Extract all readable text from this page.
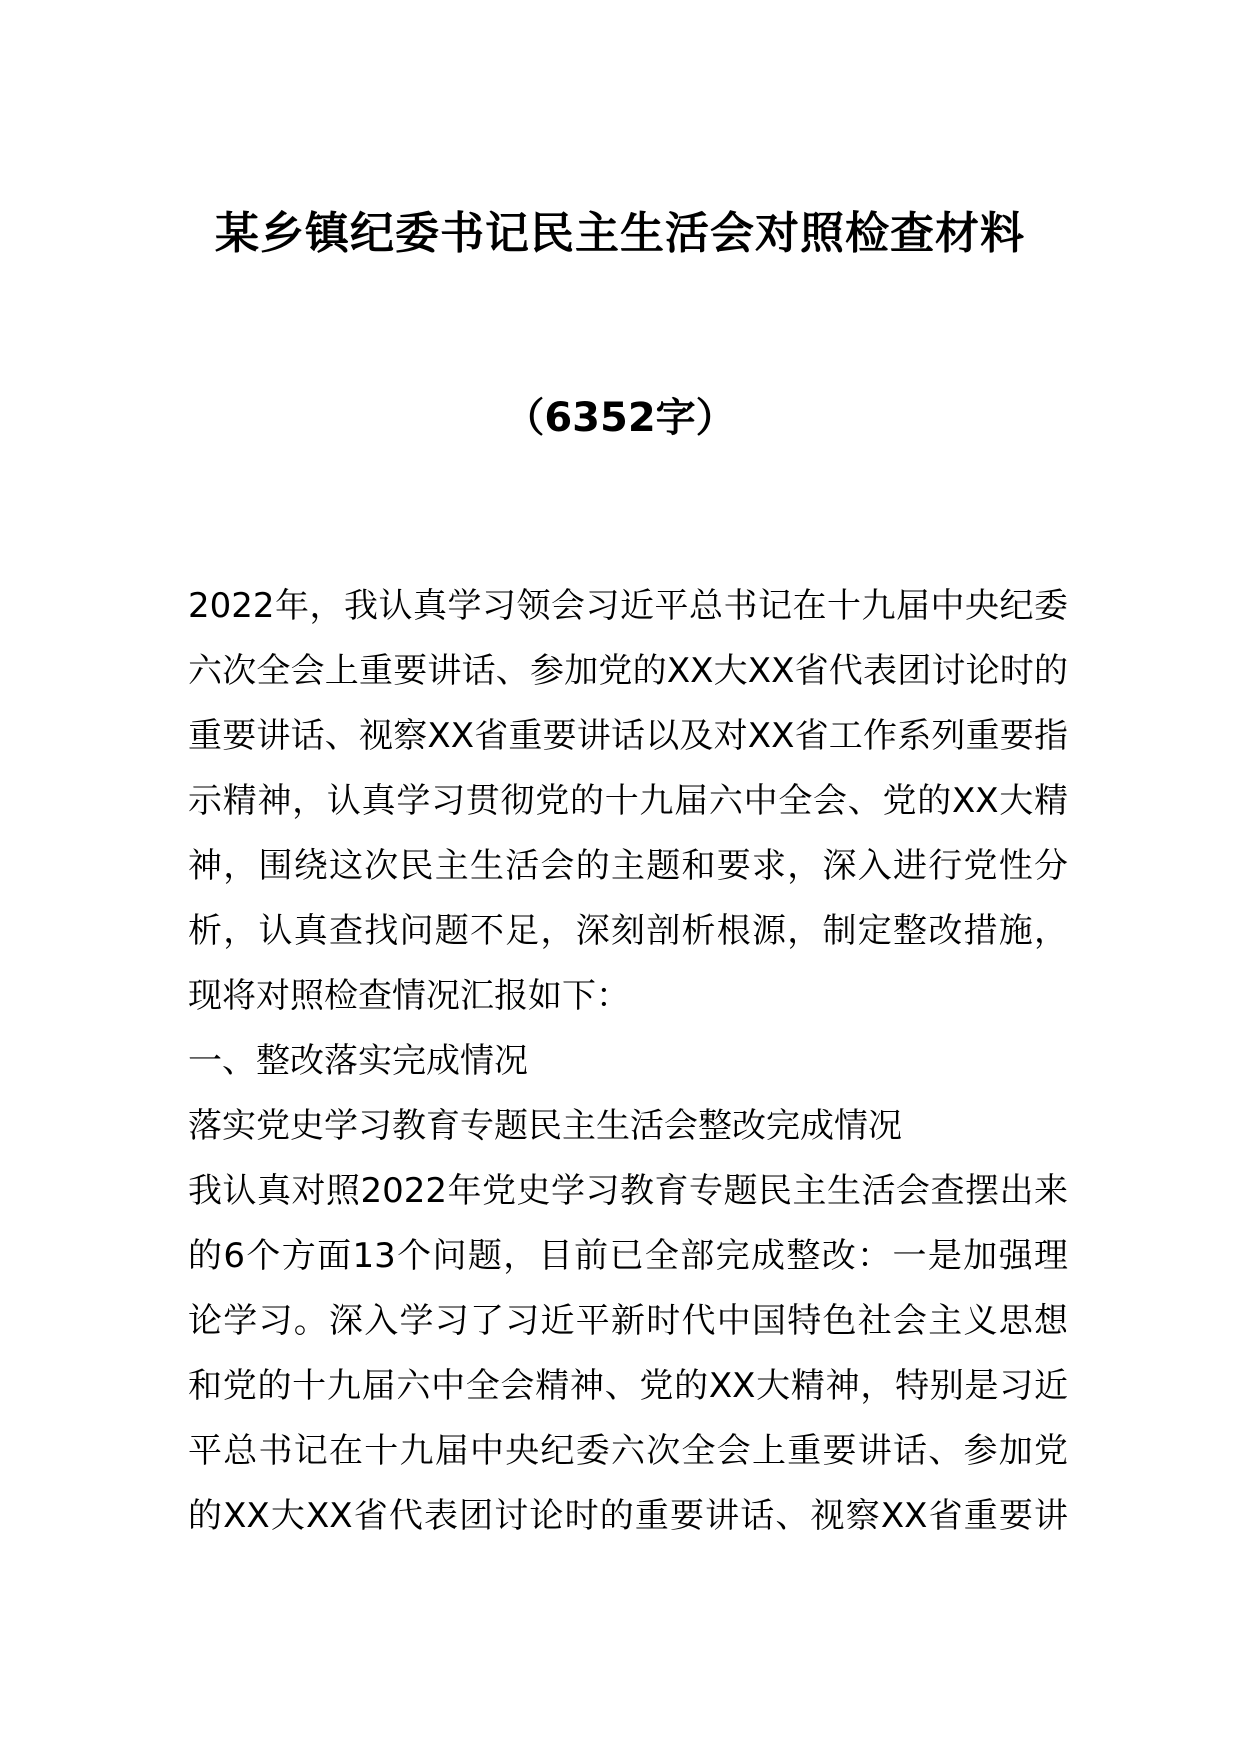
某乡镇纪委书记民主生活会对照检查材料
（6352字）
2022年，我认真学习领会习近平总书记在十九届中央纪委
六次全会上重要讲话、参加党的XX大XX省代表团讨论时的
重要讲话、视察XX省重要讲话以及对XX省工作系列重要指
示精神，认真学习贯彻党的十九届六中全会、党的XX大精
神，围绕这次民主生活会的主题和要求，深入进行党性分
析，认真查找问题不足，深刻剖析根源，制定整改措施，
现将对照检查情况汇报如下：
一、整改落实完成情况
落实党史学习教育专题民主生活会整改完成情况
我认真对照2022年党史学习教育专题民主生活会查摆出来
的6个方面13个问题，目前已全部完成整改：一是加强理
论学习。深入学习了习近平新时代中国特色社会主义思想
和党的十九届六中全会精神、党的XX大精神，特别是习近
平总书记在十九届中央纪委六次全会上重要讲话、参加党
的XX大XX省代表团讨论时的重要讲话、视察XX省重要讲
